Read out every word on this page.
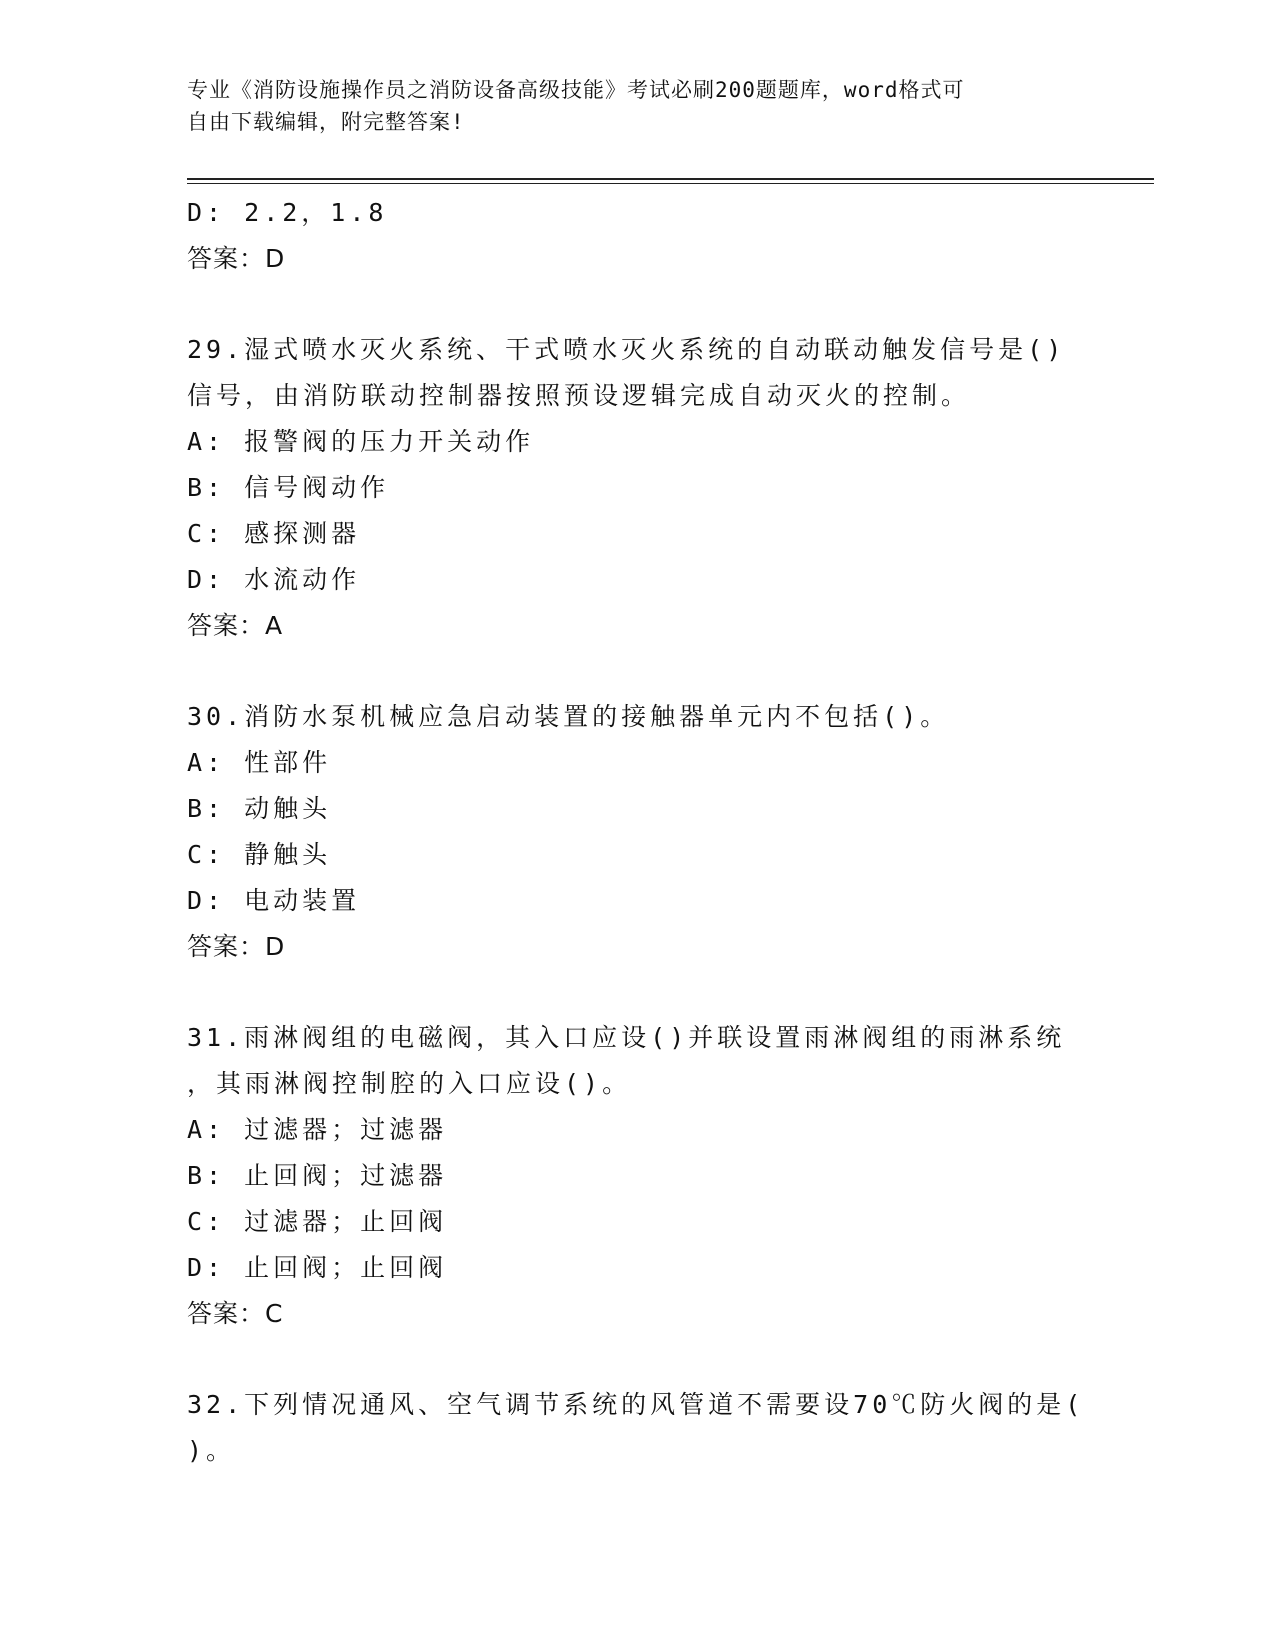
专业《消防设施操作员之消防设备高级技能》考试必刷200题题库，word格式可
自由下载编辑，附完整答案!
D: 2.2，1.8
答案：D
29.湿式喷水灭火系统、干式喷水灭火系统的自动联动触发信号是()
信号，由消防联动控制器按照预设逻辑完成自动灭火的控制。
A: 报警阀的压力开关动作
B: 信号阀动作
C: 感探测器
D: 水流动作
答案：A
30.消防水泵机械应急启动装置的接触器单元内不包括()。
A: 性部件
B: 动触头
C: 静触头
D: 电动装置
答案：D
31.雨淋阀组的电磁阀，其入口应设()并联设置雨淋阀组的雨淋系统
，其雨淋阀控制腔的入口应设()。
A: 过滤器；过滤器
B: 止回阀；过滤器
C: 过滤器；止回阀
D: 止回阀；止回阀
答案：C
32.下列情况通风、空气调节系统的风管道不需要设70℃防火阀的是(
)。
